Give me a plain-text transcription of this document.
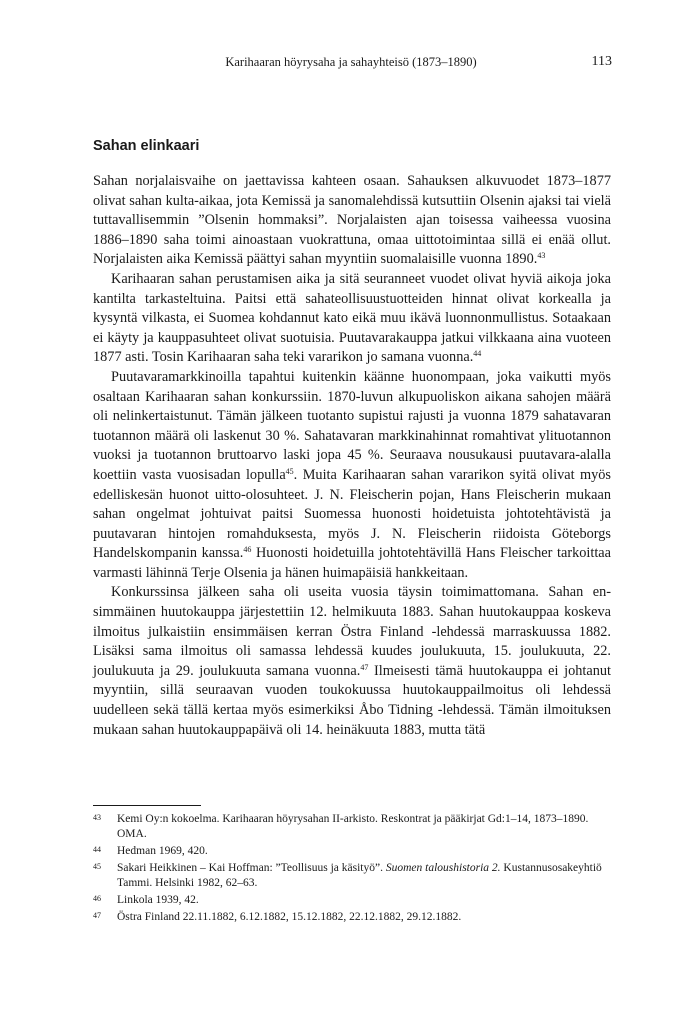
Karihaaran höyrysaha ja sahayhteisö (1873–1890)	113
Sahan elinkaari

Sahan norjalaisvaihe on jaettavissa kahteen osaan. Sahauksen alkuvuodet 1873–1877 olivat sahan kulta-aikaa, jota Kemissä ja sanomalehdissä kutsuttiin Olsenin ajaksi tai vielä tuttavallisemmin ”Olsenin hommaksi”. Norjalaisten ajan toisessa vaiheessa vuosina 1886–1890 saha toimi ainoastaan vuokrattuna, omaa uittotoimintaa sillä ei enää ollut. Norjalaisten aika Kemissä päättyi sahan myyntiin suomalaisille vuonna 1890.43

Karihaaran sahan perustamisen aika ja sitä seuranneet vuodet olivat hyviä aikoja joka kantilta tarkasteltuina. Paitsi että sahateollisuustuotteiden hinnat olivat korkealla ja kysyntä vilkasta, ei Suomea kohdannut kato eikä muu ikävä luonnonmullistus. Sotaakaan ei käyty ja kauppasuhteet olivat suotuisia. Puutavarakauppa jatkui vilkkaana aina vuoteen 1877 asti. Tosin Karihaaran saha teki vararikon jo samana vuonna.$^{44}$

Puutavaramarkkinoilla tapahtui kuitenkin käänne huonompaan, joka vaikutti myös osaltaan Karihaaran sahan konkurssiin. 1870-luvun alkupuoliskon aikana sahojen määrä oli nelinkertaistunut. Tämän jälkeen tuotanto supistui rajusti ja vuonna 1879 sahatavaran tuotannon määrä oli laskenut 30 %. Sahatavaran markkinahinnat romahtivat ylituotannon vuoksi ja tuotannon bruttoarvo laski jopa 45 %. Seuraava nousukausi puutavara-alalla koettiin vasta vuosisadan lopulla$^{45}$. Muita Karihaaran sahan vararikon syitä olivat myös edelliskesän huonot uitto-olosuhteet. J. N. Fleischerin pojan, Hans Fleischerin mukaan sahan ongelmat johtuivat paitsi Suomessa huonosti hoidetuista johtotehtävistä ja puutavaran hintojen romahduksesta, myös J. N. Fleischerin riidoista Göteborgs Handelskompanin kanssa.$^{46}$ Huonosti hoidetuilla johtotehtävillä Hans Fleischer tarkoittaa varmasti lähinnä Terje Olsenia ja hänen huimapäisiä hankkeitaan.

Konkurssinsa jälkeen saha oli useita vuosia täysin toimimattomana. Sahan ensimmäinen huutokauppa järjestettiin 12. helmikuuta 1883. Sahan huutokauppaa koskeva ilmoitus julkaistiin ensimmäisen kerran Östra Finland -lehdessä marraskuussa 1882. Lisäksi sama ilmoitus oli samassa lehdessä kuudes joulukuuta, 15. joulukuuta, 22. joulukuuta ja 29. joulukuuta samana vuonna.$^{47}$ Ilmeisesti tämä huutokauppa ei johtanut myyntiin, sillä seuraavan vuoden toukokuussa huutokauppailmoitus oli lehdessä uudelleen sekä tällä kertaa myös esimerkiksi Åbo Tidning -lehdessä. Tämän ilmoituksen mukaan sahan huutokauppapäivä oli 14. heinäkuuta 1883, mutta tätä

43	Kemi Oy:n kokoelma. Karihaaran höyrysahan II-arkisto. Reskontrat ja pääkirjat Gd:1–14, 1873–1890. OMA.
44	Hedman 1969, 420.
45	Sakari Heikkinen – Kai Hoffman: ”Teollisuus ja käsityö”. Suomen taloushistoria 2. Kustannusosakeyhtiö Tammi. Helsinki 1982, 62–63.
46	Linkola 1939, 42.
47	Östra Finland 22.11.1882, 6.12.1882, 15.12.1882, 22.12.1882, 29.12.1882.
